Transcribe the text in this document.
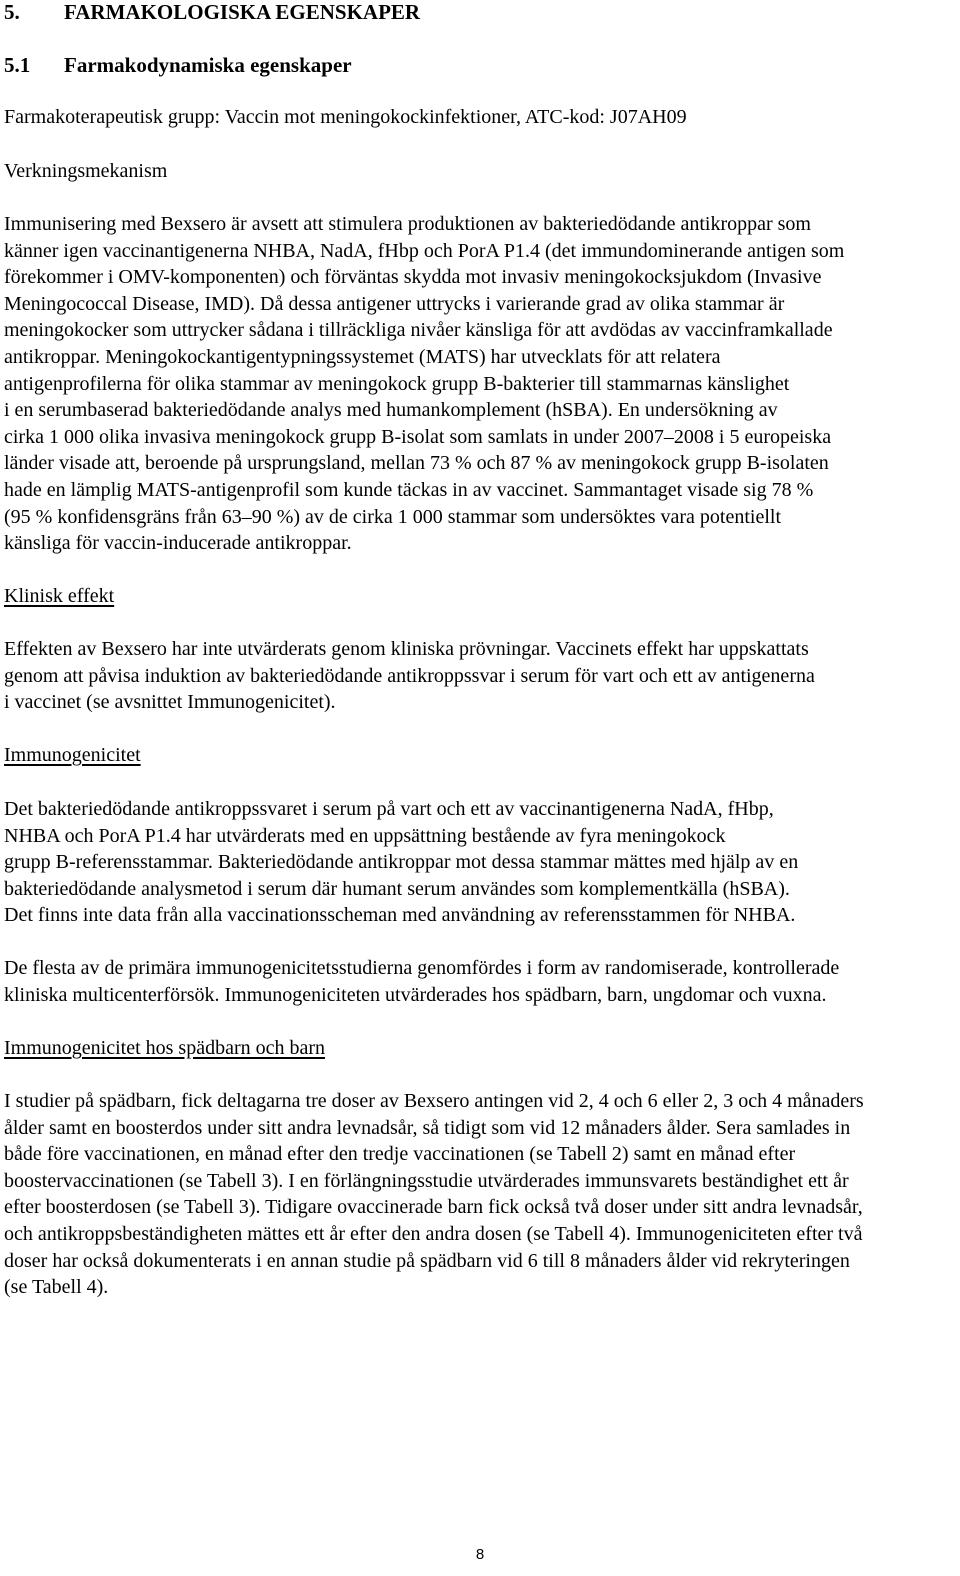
5. FARMAKOLOGISKA EGENSKAPER
5.1 Farmakodynamiska egenskaper
Farmakoterapeutisk grupp: Vaccin mot meningokockinfektioner, ATC-kod: J07AH09
Verkningsmekanism
Immunisering med Bexsero är avsett att stimulera produktionen av bakteriedödande antikroppar som
känner igen vaccinantigenerna NHBA, NadA, fHbp och PorA P1.4 (det immundominerande antigen som
förekommer i OMV-komponenten) och förväntas skydda mot invasiv meningokocksjukdom (Invasive
Meningococcal Disease, IMD). Då dessa antigener uttrycks i varierande grad av olika stammar är
meningokocker som uttrycker sådana i tillräckliga nivåer känsliga för att avdödas av vaccinframkallade
antikroppar. Meningokockantigentypningssystemet (MATS) har utvecklats för att relatera
antigenprofilerna för olika stammar av meningokock grupp B-bakterier till stammarnas känslighet
i en serumbaserad bakteriedödande analys med humankomplement (hSBA). En undersökning av
cirka 1 000 olika invasiva meningokock grupp B-isolat som samlats in under 2007–2008 i 5 europeiska
länder visade att, beroende på ursprungsland, mellan 73 % och 87 % av meningokock grupp B-isolaten
hade en lämplig MATS-antigenprofil som kunde täckas in av vaccinet. Sammantaget visade sig 78 %
(95 % konfidensgräns från 63–90 %) av de cirka 1 000 stammar som undersöktes vara potentiellt
känsliga för vaccin-inducerade antikroppar.
Klinisk effekt
Effekten av Bexsero har inte utvärderats genom kliniska prövningar. Vaccinets effekt har uppskattats
genom att påvisa induktion av bakteriedödande antikroppssvar i serum för vart och ett av antigenerna
i vaccinet (se avsnittet Immunogenicitet).
Immunogenicitet
Det bakteriedödande antikroppssvaret i serum på vart och ett av vaccinantigenerna NadA, fHbp,
NHBA och PorA P1.4 har utvärderats med en uppsättning bestående av fyra meningokock
grupp B-referensstammar. Bakteriedödande antikroppar mot dessa stammar mättes med hjälp av en
bakteriedödande analysmetod i serum där humant serum användes som komplementkälla (hSBA).
Det finns inte data från alla vaccinationsscheman med användning av referensstammen för NHBA.
De flesta av de primära immunogenicitetsstudierna genomfördes i form av randomiserade, kontrollerade
kliniska multicenterförsök. Immunogeniciteten utvärderades hos spädbarn, barn, ungdomar och vuxna.
Immunogenicitet hos spädbarn och barn
I studier på spädbarn, fick deltagarna tre doser av Bexsero antingen vid 2, 4 och 6 eller 2, 3 och 4 månaders
ålder samt en boosterdos under sitt andra levnadsår, så tidigt som vid 12 månaders ålder. Sera samlades in
både före vaccinationen, en månad efter den tredje vaccinationen (se Tabell 2) samt en månad efter
boostervaccinationen (se Tabell 3). I en förlängningsstudie utvärderades immunsvarets beständighet ett år
efter boosterdosen (se Tabell 3). Tidigare ovaccinerade barn fick också två doser under sitt andra levnadsår,
och antikroppsbeständigheten mättes ett år efter den andra dosen (se Tabell 4). Immunogeniciteten efter två
doser har också dokumenterats i en annan studie på spädbarn vid 6 till 8 månaders ålder vid rekryteringen
(se Tabell 4).
8
